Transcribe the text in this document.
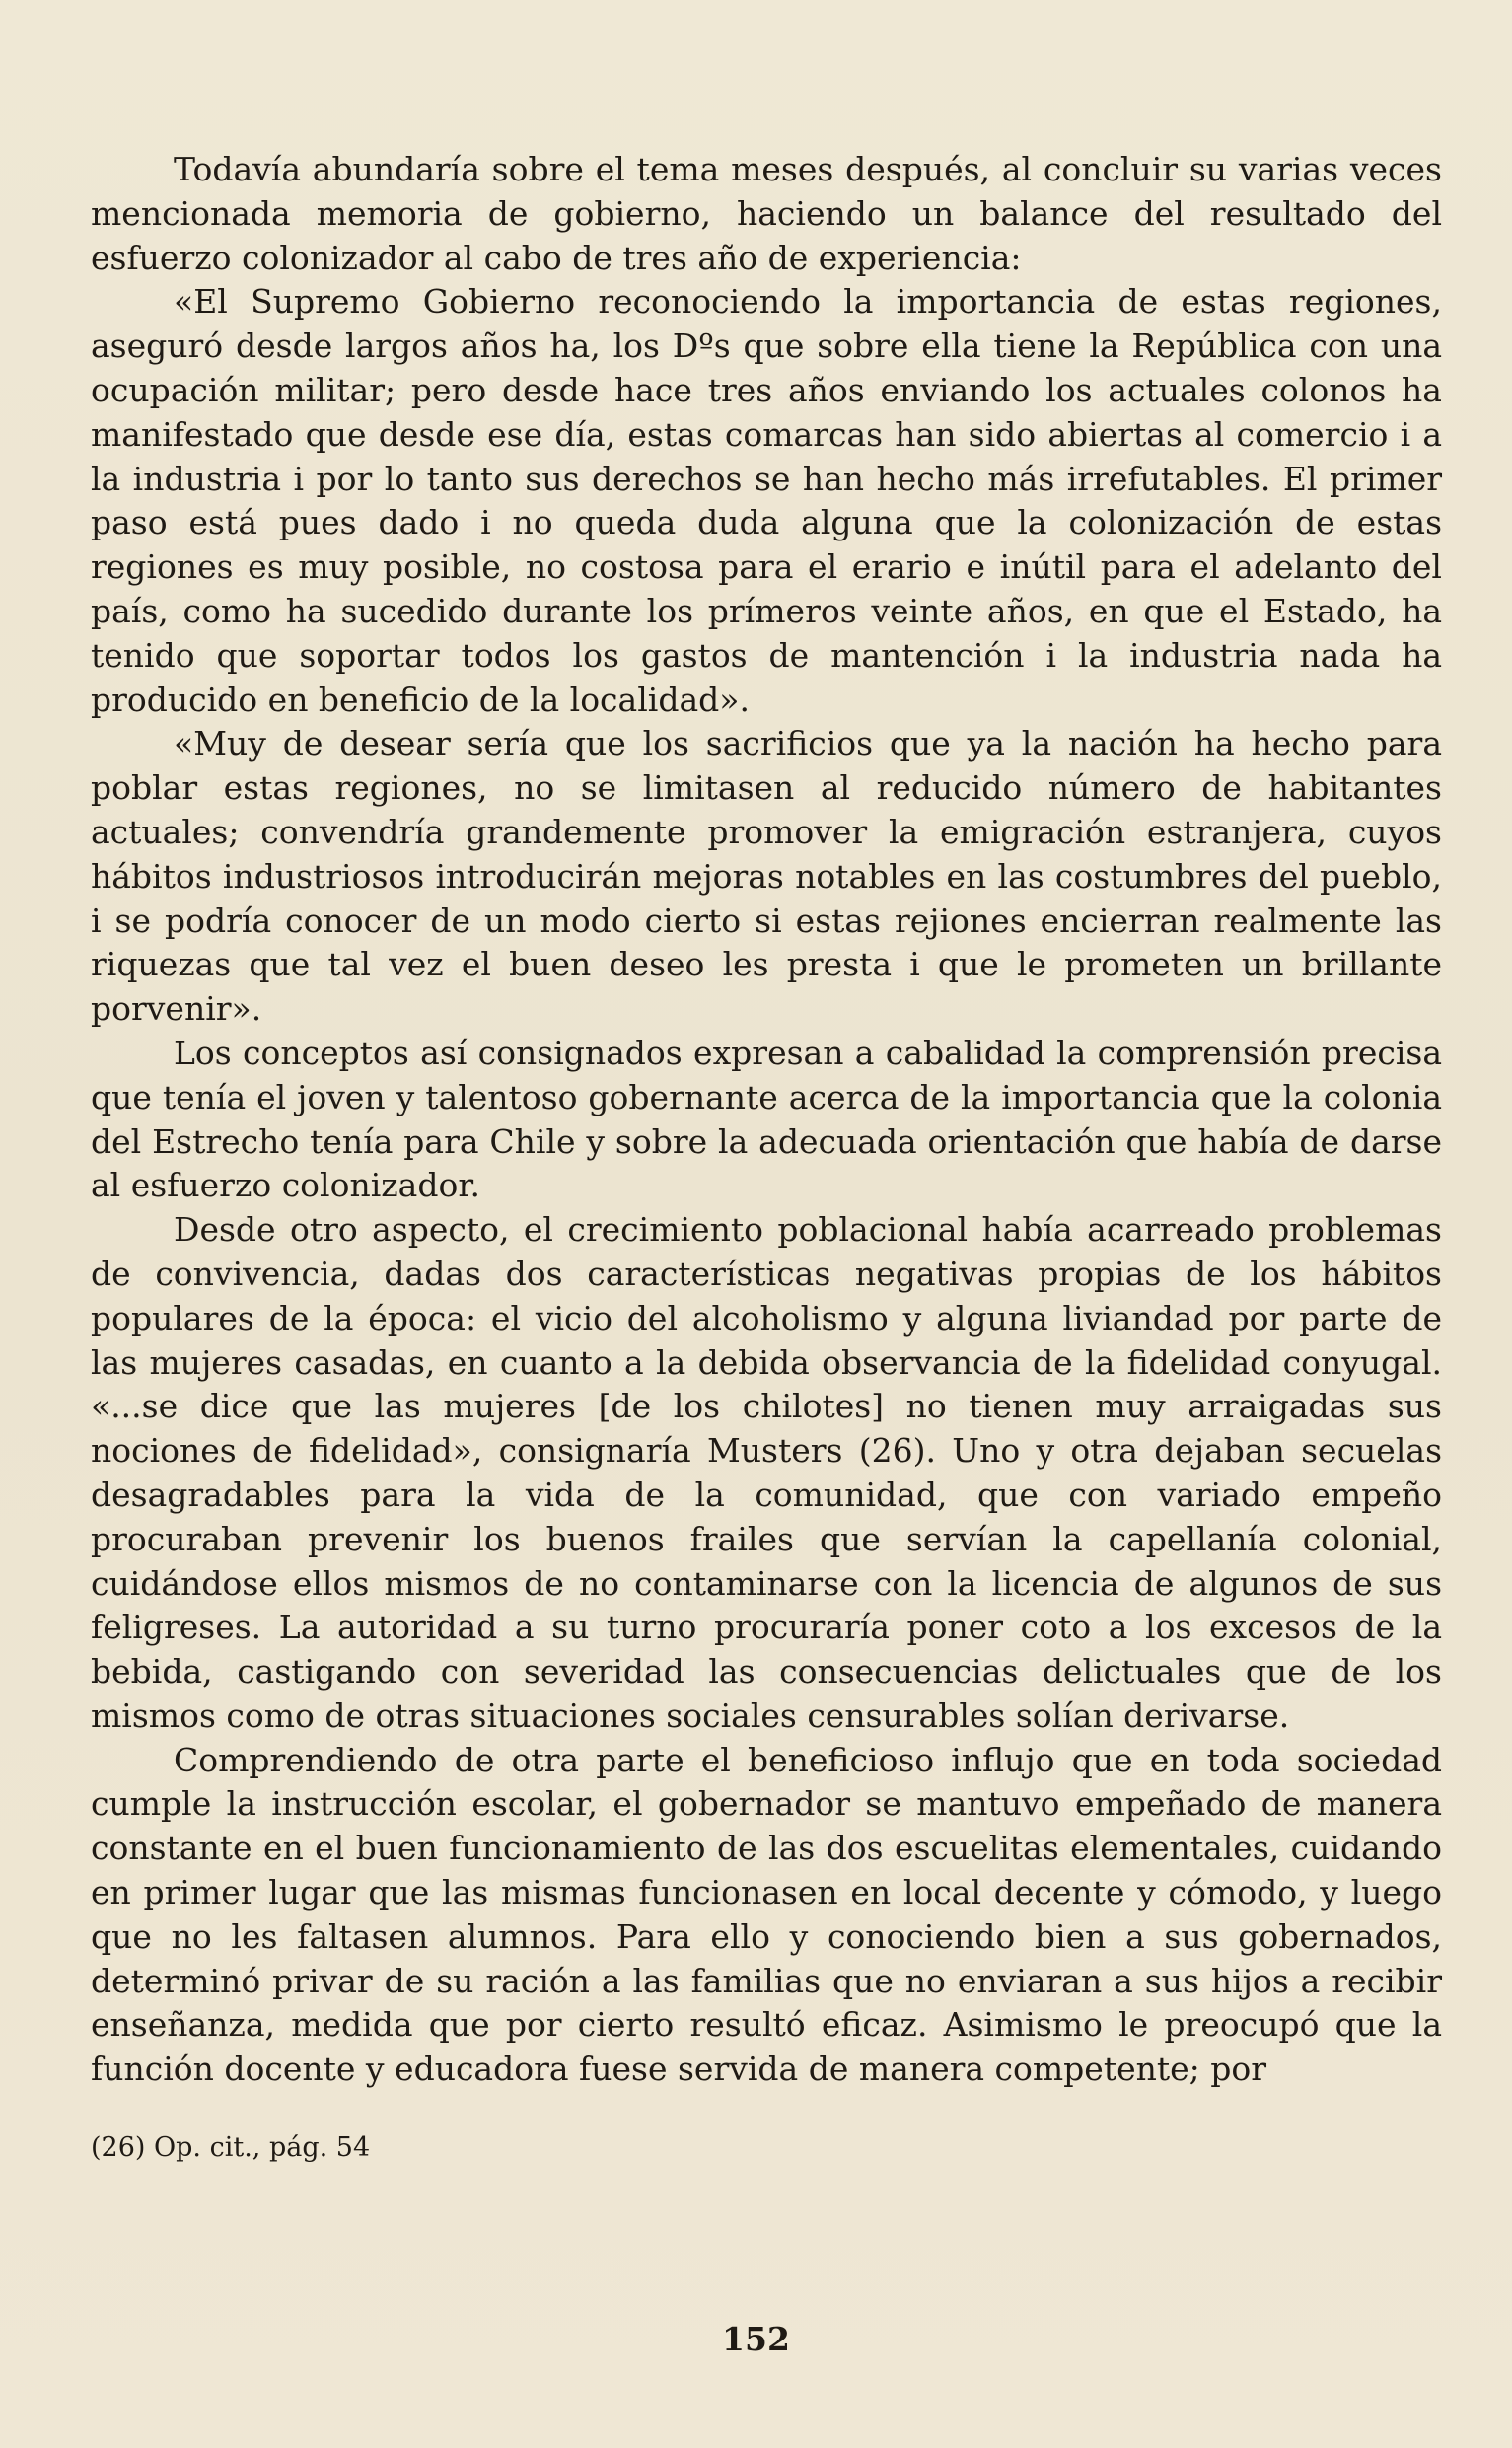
Todavía abundaría sobre el tema meses después, al concluir su varias veces mencionada memoria de gobierno, haciendo un balance del resultado del esfuerzo colonizador al cabo de tres año de experiencia:

«El Supremo Gobierno reconociendo la importancia de estas regiones, aseguró desde largos años ha, los Dºs que sobre ella tiene la República con una ocupación militar; pero desde hace tres años enviando los actuales colonos ha manifestado que desde ese día, estas comarcas han sido abiertas al comercio i a la industria i por lo tanto sus derechos se han hecho más irrefutables. El primer paso está pues dado i no queda duda alguna que la colonización de estas regiones es muy posible, no costosa para el erario e inútil para el adelanto del país, como ha sucedido durante los prímeros veinte años, en que el Estado, ha tenido que soportar todos los gastos de mantención i la industria nada ha producido en beneficio de la localidad».

«Muy de desear sería que los sacrificios que ya la nación ha hecho para poblar estas regiones, no se limitasen al reducido número de habitantes actuales; convendría grandemente promover la emigración estranjera, cuyos hábitos industriosos introducirán mejoras notables en las costumbres del pueblo, i se podría conocer de un modo cierto si estas rejiones encierran realmente las riquezas que tal vez el buen deseo les presta i que le prometen un brillante porvenir».

Los conceptos así consignados expresan a cabalidad la comprensión precisa que tenía el joven y talentoso gobernante acerca de la importancia que la colonia del Estrecho tenía para Chile y sobre la adecuada orientación que había de darse al esfuerzo colonizador.

Desde otro aspecto, el crecimiento poblacional había acarreado problemas de convivencia, dadas dos características negativas propias de los hábitos populares de la época: el vicio del alcoholismo y alguna liviandad por parte de las mujeres casadas, en cuanto a la debida observancia de la fidelidad conyugal. «...se dice que las mujeres [de los chilotes] no tienen muy arraigadas sus nociones de fidelidad», consignaría Musters (26). Uno y otra dejaban secuelas desagradables para la vida de la comunidad, que con variado empeño procuraban prevenir los buenos frailes que servían la capellanía colonial, cuidándose ellos mismos de no contaminarse con la licencia de algunos de sus feligreses. La autoridad a su turno procuraría poner coto a los excesos de la bebida, castigando con severidad las consecuencias delictuales que de los mismos como de otras situaciones sociales censurables solían derivarse.

Comprendiendo de otra parte el beneficioso influjo que en toda sociedad cumple la instrucción escolar, el gobernador se mantuvo empeñado de manera constante en el buen funcionamiento de las dos escuelitas elementales, cuidando en primer lugar que las mismas funcionasen en local decente y cómodo, y luego que no les faltasen alumnos. Para ello y conociendo bien a sus gobernados, determinó privar de su ración a las familias que no enviaran a sus hijos a recibir enseñanza, medida que por cierto resultó eficaz. Asimismo le preocupó que la función docente y educadora fuese servida de manera competente; por

(26) Op. cit., pág. 54

152
